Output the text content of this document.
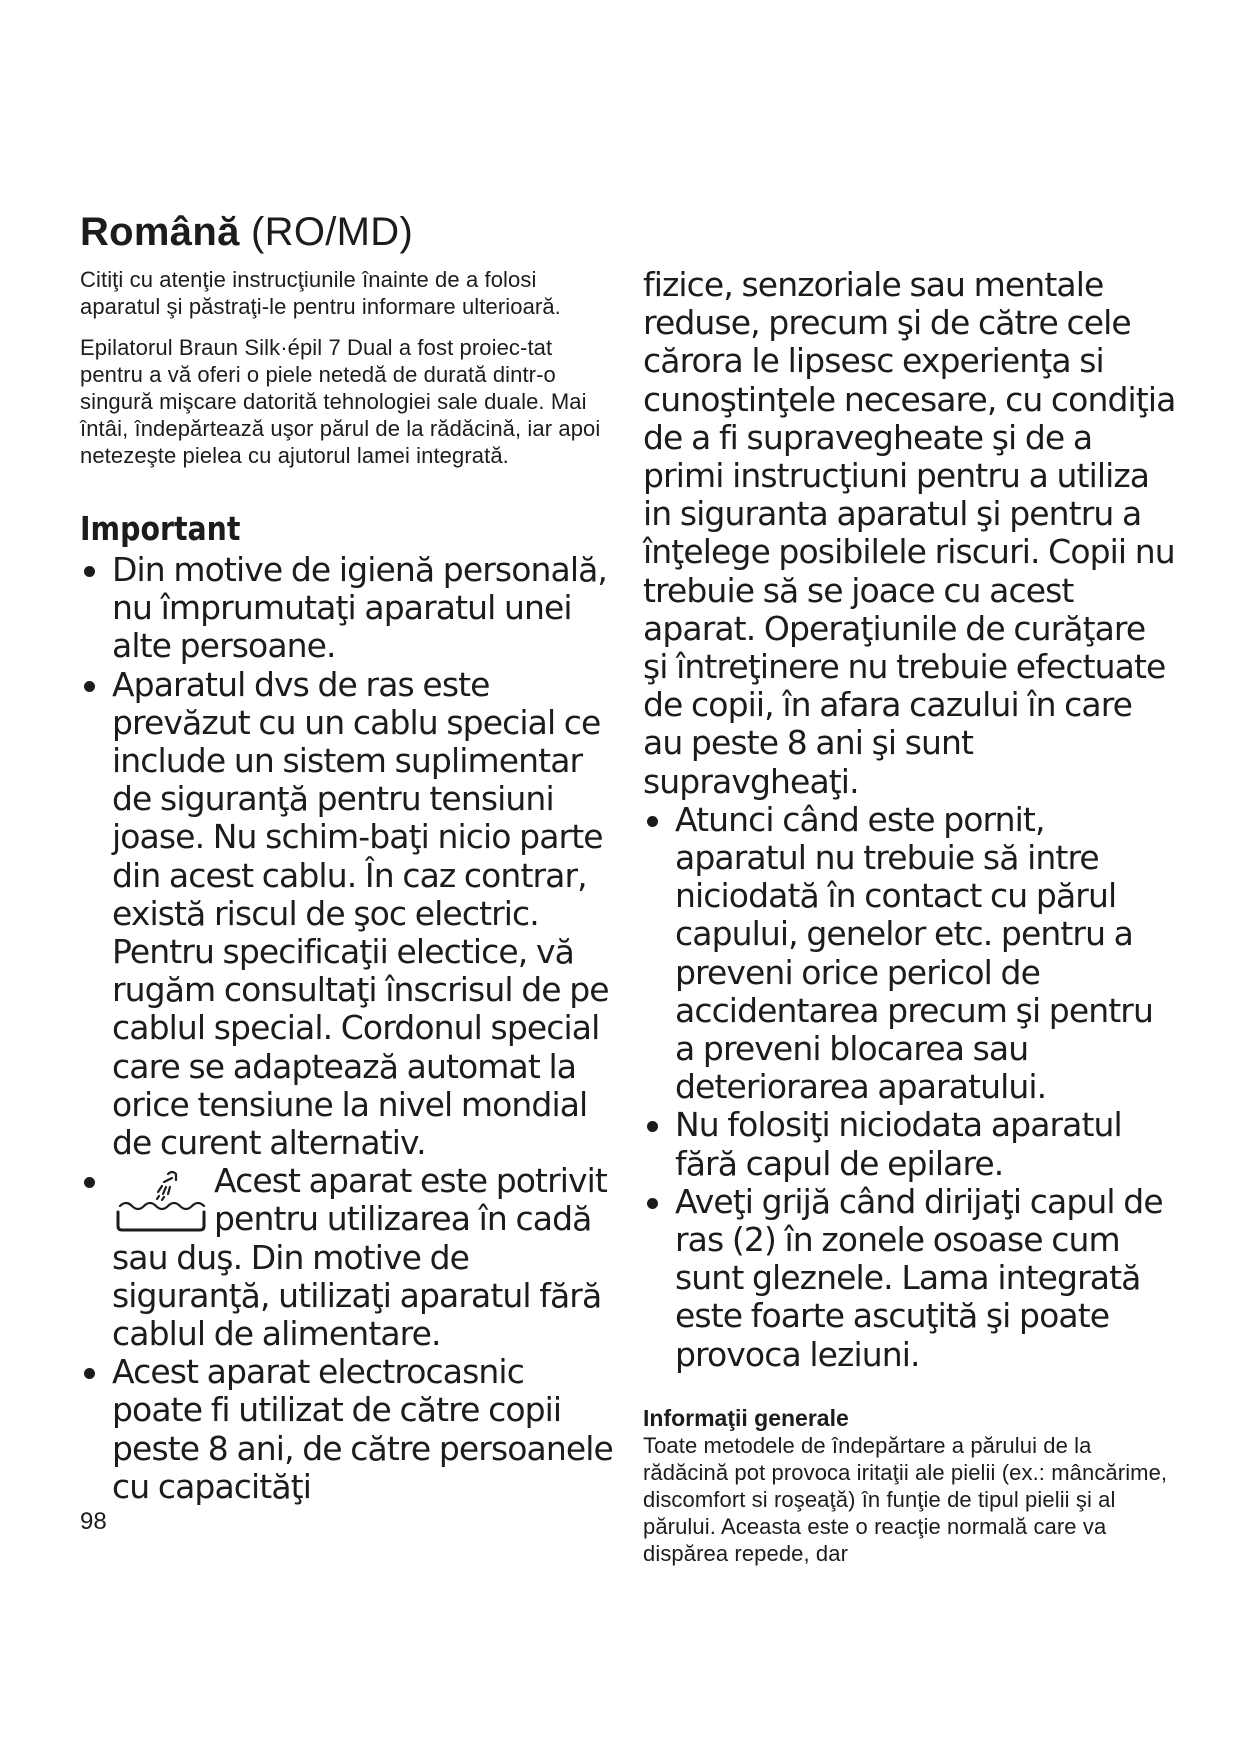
Română (RO/MD)

Citiţi cu atenţie instrucţiunile înainte de a folosi aparatul şi păstraţi-le pentru informare ulterioară.

Epilatorul Braun Silk·épil 7 Dual a fost proiec-tat pentru a vă oferi o piele netedă de durată dintr-o singură mişcare datorită tehnologiei sale duale. Mai întâi, îndepărtează uşor părul de la rădăcină, iar apoi netezeşte pielea cu ajutorul lamei integrată.

Important
Din motive de igienă personală, nu împrumutaţi aparatul unei alte persoane.
Aparatul dvs de ras este prevăzut cu un cablu special ce include un sistem suplimentar de siguranţă pentru tensiuni joase. Nu schim-baţi nicio parte din acest cablu. În caz contrar, există riscul de şoc electric. Pentru specificaţii electice, vă rugăm consultaţi înscrisul de pe cablul special. Cordonul special care se adaptează automat la orice tensiune la nivel mondial de curent alternativ.
Acest aparat este potrivit pentru utilizarea în cadă sau duş. Din motive de siguranţă, utilizaţi aparatul fără cablul de alimentare.
Acest aparat electrocasnic poate fi utilizat de către copii peste 8 ani, de către persoanele cu capacităţi
fizice, senzoriale sau mentale reduse, precum şi de către cele cărora le lipsesc experienţa si cunoştinţele necesare, cu condiţia de a fi supravegheate şi de a primi instrucţiuni pentru a utiliza in siguranta aparatul şi pentru a înţelege posibilele riscuri. Copii nu trebuie să se joace cu acest aparat. Operaţiunile de curăţare şi întreţinere nu trebuie efectuate de copii, în afara cazului în care au peste 8 ani şi sunt supravgheaţi.
Atunci când este pornit, aparatul nu trebuie să intre niciodată în contact cu părul capului, genelor etc. pentru a preveni orice pericol de accidentarea precum şi pentru a preveni blocarea sau deteriorarea aparatului.
Nu folosiţi niciodata aparatul fără capul de epilare.
Aveţi grijă când dirijaţi capul de ras (2) în zonele osoase cum sunt gleznele. Lama integrată este foarte ascuţită şi poate provoca leziuni.
Informaţii generale

Toate metodele de îndepărtare a părului de la rădăcină pot provoca iritaţii ale pielii (ex.: mâncărime, discomfort si roşeaţă) în funţie de tipul pielii şi al părului. Aceasta este o reacţie normală care va dispărea repede, dar

98
